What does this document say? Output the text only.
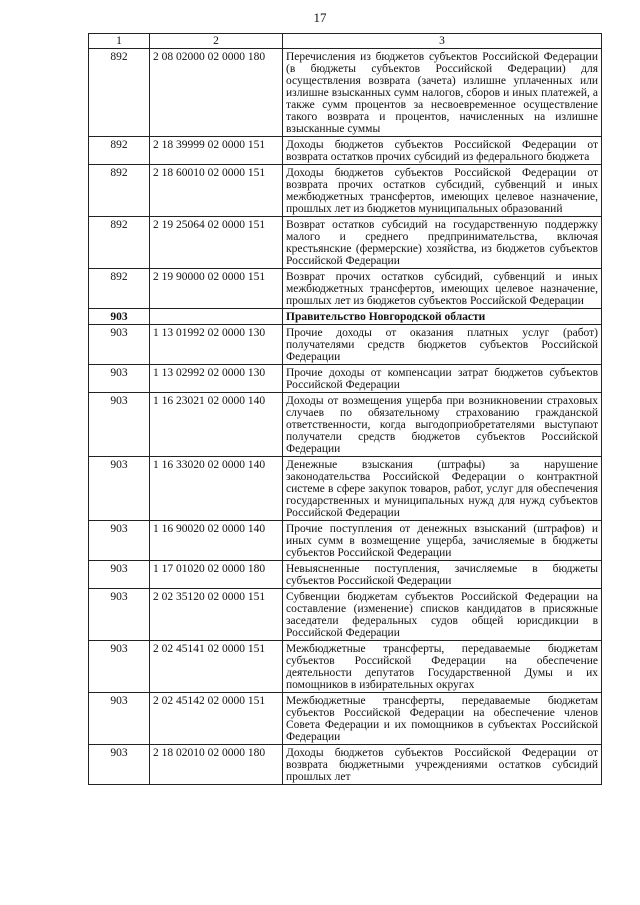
17
1	2	3
892	2 08 02000 02 0000 180	Перечисления из бюджетов субъектов Российской Федерации (в бюджеты субъектов Российской Федерации) для осуществления возврата (зачета) излишне уплаченных или излишне взысканных сумм налогов, сборов и иных платежей, а также сумм процентов за несвоевременное осуществление такого возврата и процентов, начисленных на излишне взысканные суммы
892	2 18 39999 02 0000 151	Доходы бюджетов субъектов Российской Федерации от возврата остатков прочих субсидий из федерального бюджета
892	2 18 60010 02 0000 151	Доходы бюджетов субъектов Российской Федерации от возврата прочих остатков субсидий, субвенций и иных межбюджетных трансфертов, имеющих целевое назначение, прошлых лет из бюджетов муниципальных образований
892	2 19 25064 02 0000 151	Возврат остатков субсидий на государственную поддержку малого и среднего предпринимательства, включая крестьянские (фермерские) хозяйства, из бюджетов субъектов Российской Федерации
892	2 19 90000 02 0000 151	Возврат прочих остатков субсидий, субвенций и иных межбюджетных трансфертов, имеющих целевое назначение, прошлых лет из бюджетов субъектов Российской Федерации
903		Правительство Новгородской области
903	1 13 01992 02 0000 130	Прочие доходы от оказания платных услуг (работ) получателями средств бюджетов субъектов Российской Федерации
903	1 13 02992 02 0000 130	Прочие доходы от компенсации затрат бюджетов субъектов Российской Федерации
903	1 16 23021 02 0000 140	Доходы от возмещения ущерба при возникновении страховых случаев по обязательному страхованию гражданской ответственности, когда выгодоприобретателями выступают получатели средств бюджетов субъектов Российской Федерации
903	1 16 33020 02 0000 140	Денежные взыскания (штрафы) за нарушение законодательства Российской Федерации о контрактной системе в сфере закупок товаров, работ, услуг для обеспечения государственных и муниципальных нужд для нужд субъектов Российской Федерации
903	1 16 90020 02 0000 140	Прочие поступления от денежных взысканий (штрафов) и иных сумм в возмещение ущерба, зачисляемые в бюджеты субъектов Российской Федерации
903	1 17 01020 02 0000 180	Невыясненные поступления, зачисляемые в бюджеты субъектов Российской Федерации
903	2 02 35120 02 0000 151	Субвенции бюджетам субъектов Российской Федерации на составление (изменение) списков кандидатов в присяжные заседатели федеральных судов общей юрисдикции в Российской Федерации
903	2 02 45141 02 0000 151	Межбюджетные трансферты, передаваемые бюджетам субъектов Российской Федерации на обеспечение деятельности депутатов Государственной Думы и их помощников в избирательных округах
903	2 02 45142 02 0000 151	Межбюджетные трансферты, передаваемые бюджетам субъектов Российской Федерации на обеспечение членов Совета Федерации и их помощников в субъектах Российской Федерации
903	2 18 02010 02 0000 180	Доходы бюджетов субъектов Российской Федерации от возврата бюджетными учреждениями остатков субсидий прошлых лет
